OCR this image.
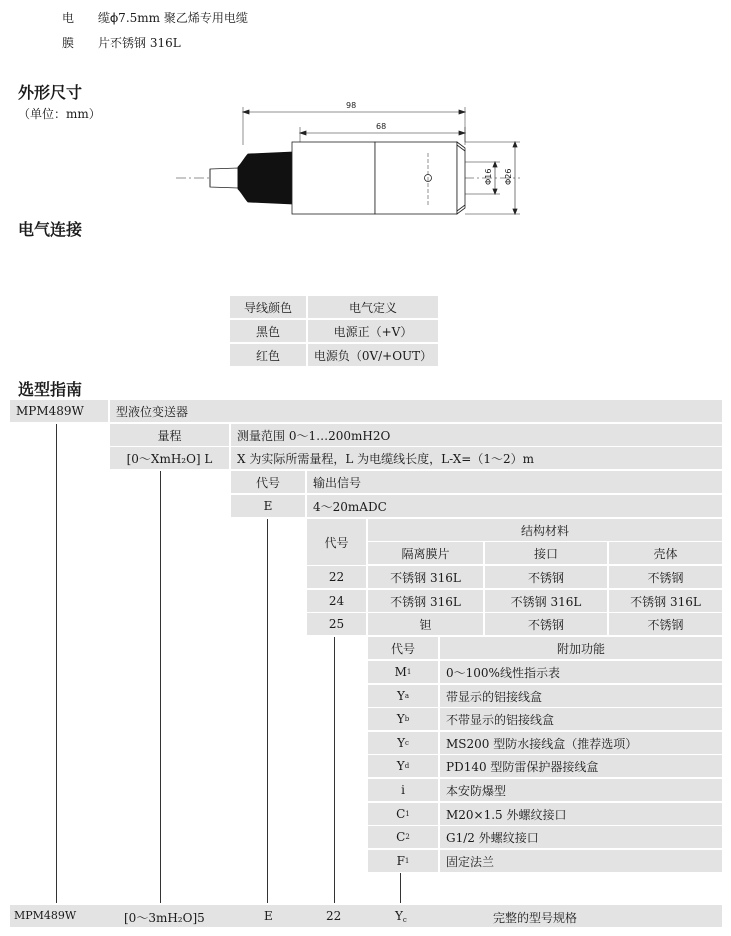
电　　缆：ϕ7.5mm 聚乙烯专用电缆
膜　　片：不锈钢 316L
外形尺寸
（单位：mm）
98
68
Φ16 Φ26
电气连接
导线颜色	电气定义
黑色	电源正（+V）
红色	电源负（0V/+OUT）
选型指南
MPM489W	型液位变送器
量程	测量范围 0～1…200mH2O
[0～XmH₂O] L	X 为实际所需量程，L 为电缆线长度，L-X=（1～2）m
代号	输出信号
E	4～20mADC
代号
结构材料
隔离膜片	接口	壳体
22	不锈钢 316L	不锈钢	不锈钢
24	不锈钢 316L	不锈钢 316L	不锈钢 316L
25	钽	不锈钢	不锈钢
代号	附加功能
M 1	0～100%线性指示表
Y a	带显示的铝接线盒
Y b	不带显示的铝接线盒
Y c	MS200 型防水接线盒（推荐选项）
Y d	PD140 型防雷保护器接线盒
i	本安防爆型
C 1	M20×1.5 外螺纹接口
C 2	G1/2 外螺纹接口
F 1	固定法兰
MPM489W	[0～3mH₂O]5	E	22	Yc	完整的型号规格
